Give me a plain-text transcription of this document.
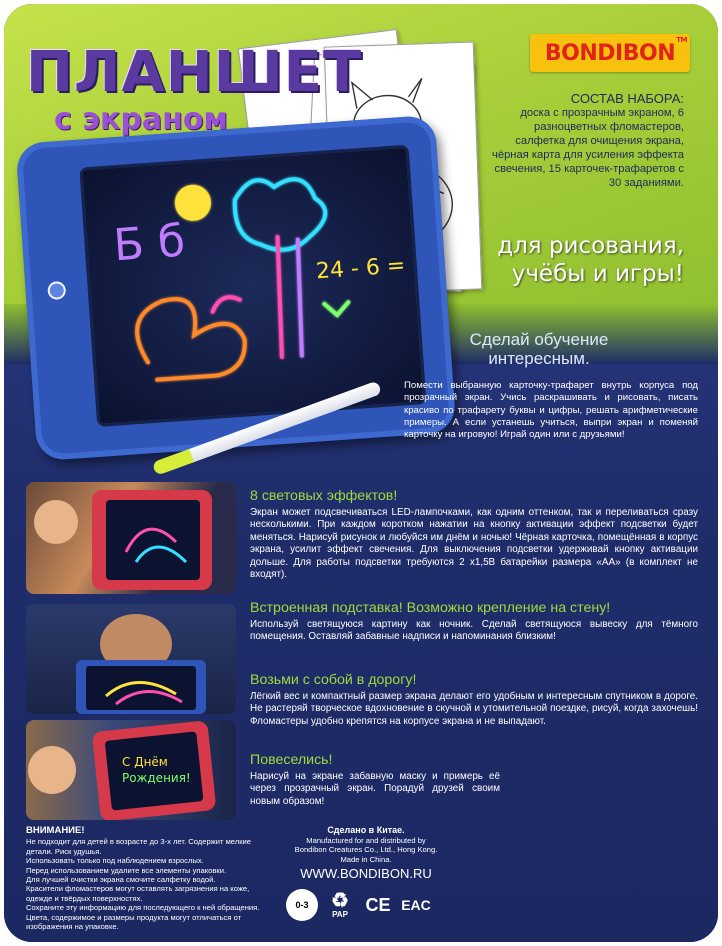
BONDIBON
™
ПЛАНШЕТ
с экраном
СОСТАВ НАБОРА:
доска с прозрачным экраном, 6 разноцветных фломастеров, салфетка для очищения экрана, чёрная карта для усиления эффекта свечения, 15 карточек-трафаретов с 30 заданиями.
для рисования,
учёбы и игры!
Б б	24 - 6 =
Сделай обучение интересным.
Помести выбранную карточку-трафарет внутрь корпуса под прозрачный экран. Учись раскрашивать и рисовать, писать красиво по трафарету буквы и цифры, решать арифметические примеры. А если устанешь учиться, выпри экран и поменяй карточку на игровую! Играй один или с друзьями!
С Днём
Рождения!
8 световых эффектов!
Экран может подсвечиваться LED-лампочками, как одним оттенком, так и переливаться сразу несколькими. При каждом коротком нажатии на кнопку активации эффект подсветки будет меняться. Нарисуй рисунок и любуйся им днём и ночью! Чёрная карточка, помещённая в корпус экрана, усилит эффект свечения. Для выключения подсветки удерживай кнопку активации дольше. Для работы подсветки требуются 2 x1,5В батарейки размера «АА» (в комплект не входят).
Встроенная подставка! Возможно крепление на стену!
Используй светящуюся картину как ночник. Сделай светящуюся вывеску для тёмного помещения. Оставляй забавные надписи и напоминания близким!
Возьми с собой в дорогу!
Лёгкий вес и компактный размер экрана делают его удобным и интересным спутником в дороге. Не растеряй творческое вдохновение в скучной и утомительной поездке, рисуй, когда захочешь! Фломастеры удобно крепятся на корпусе экрана и не выпадают.
Повеселись!
Нарисуй на экране забавную маску и примерь её через прозрачный экран. Порадуй друзей своим новым образом!
ВНИМАНИЕ!
Не подходит для детей в возрасте до 3-х лет. Содержит мелкие детали. Риск удушья.
Использовать только под наблюдением взрослых.
Перед использованием удалите все элементы упаковки.
Для лучшей очистки экрана смочите салфетку водой.
Красители фломастеров могут оставлять загрязнения на коже, одежде и твёрдых поверхностях.
Сохраните эту информацию для последующего к ней обращения.
Цвета, содержимое и размеры продукта могут отличаться от изображения на упаковке.
Сделано в Китае.
Manufactured for and distributed by
Bondibon Creatures Co., Ltd., Hong Kong.
Made in China.
WWW.BONDIBON.RU
0-3 ♻
PAP CE EAC
